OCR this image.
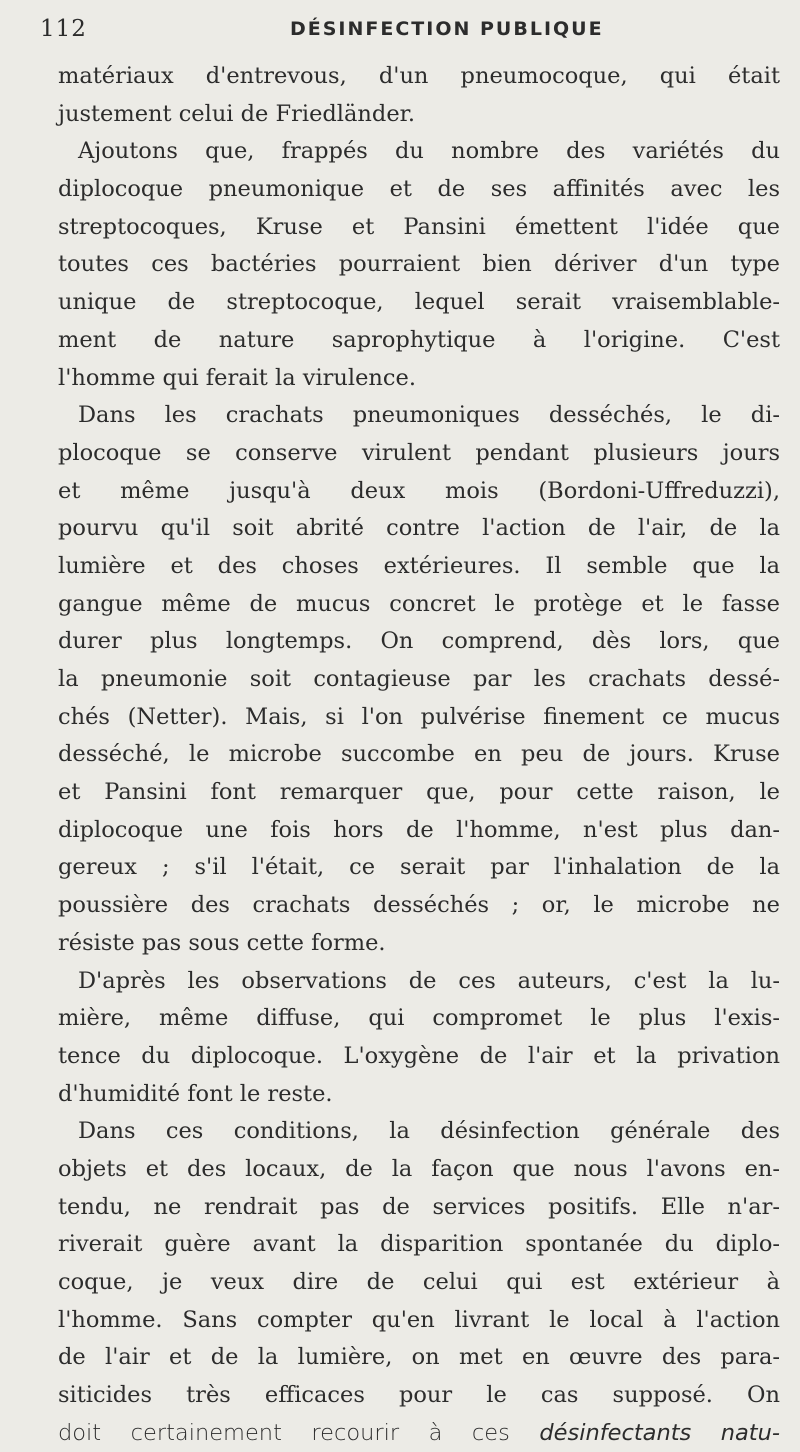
112	DÉSINFECTION PUBLIQUE
matériaux d'entrevous, d'un pneumocoque, qui était
justement celui de Friedländer.
Ajoutons que, frappés du nombre des variétés du
diplocoque pneumonique et de ses affinités avec les
streptocoques, Kruse et Pansini émettent l'idée que
toutes ces bactéries pourraient bien dériver d'un type
unique de streptocoque, lequel serait vraisemblable-
ment de nature saprophytique à l'origine. C'est
l'homme qui ferait la virulence.
Dans les crachats pneumoniques desséchés, le di-
plocoque se conserve virulent pendant plusieurs jours
et même jusqu'à deux mois (Bordoni-Uffreduzzi),
pourvu qu'il soit abrité contre l'action de l'air, de la
lumière et des choses extérieures. Il semble que la
gangue même de mucus concret le protège et le fasse
durer plus longtemps. On comprend, dès lors, que
la pneumonie soit contagieuse par les crachats dessé-
chés (Netter). Mais, si l'on pulvérise finement ce mucus
desséché, le microbe succombe en peu de jours. Kruse
et Pansini font remarquer que, pour cette raison, le
diplocoque une fois hors de l'homme, n'est plus dan-
gereux ; s'il l'était, ce serait par l'inhalation de la
poussière des crachats desséchés ; or, le microbe ne
résiste pas sous cette forme.
D'après les observations de ces auteurs, c'est la lu-
mière, même diffuse, qui compromet le plus l'exis-
tence du diplocoque. L'oxygène de l'air et la privation
d'humidité font le reste.
Dans ces conditions, la désinfection générale des
objets et des locaux, de la façon que nous l'avons en-
tendu, ne rendrait pas de services positifs. Elle n'ar-
riverait guère avant la disparition spontanée du diplo-
coque, je veux dire de celui qui est extérieur à
l'homme. Sans compter qu'en livrant le local à l'action
de l'air et de la lumière, on met en œuvre des para-
siticides très efficaces pour le cas supposé. On
doit certainement recourir à ces désinfectants natu-
